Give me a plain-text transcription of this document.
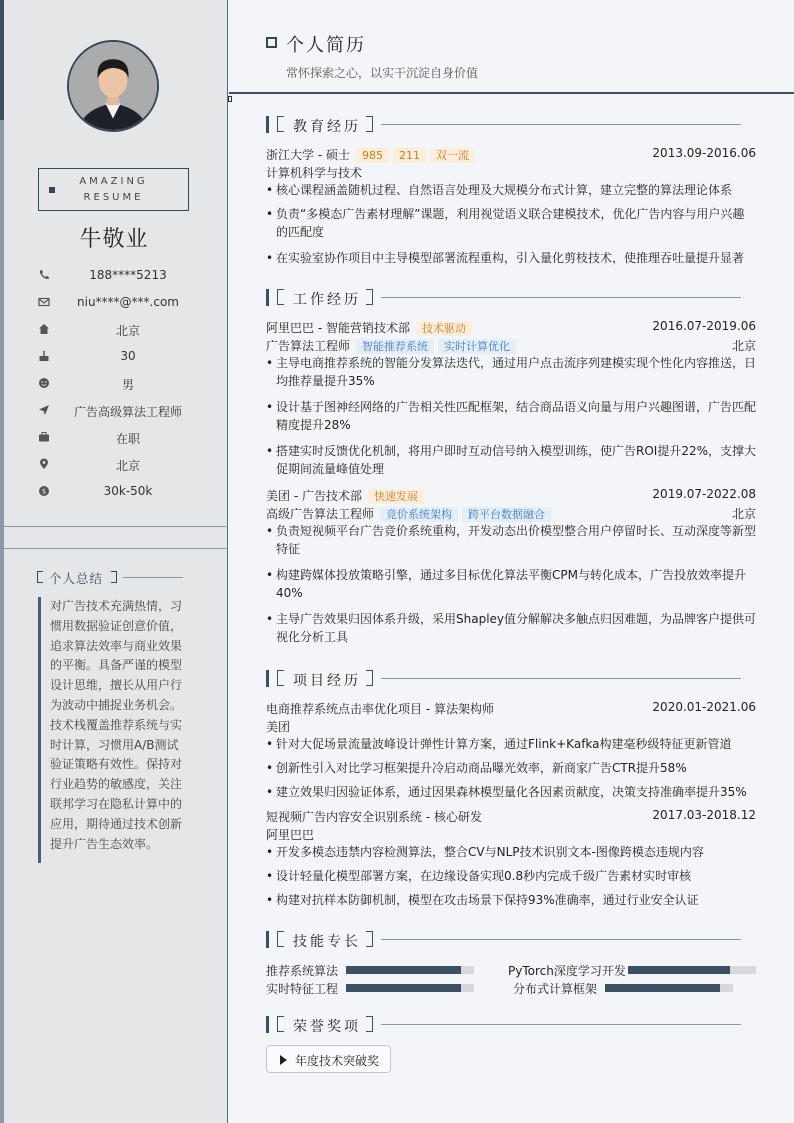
AMAZING
RESUME
牛敬业
188****5213
niu****@***.com
北京
30
男
广告高级算法工程师
在职
北京
$	30k-50k
个人总结
对广告技术充满热情，习惯用数据验证创意价值，追求算法效率与商业效果的平衡。具备严谨的模型设计思维，擅长从用户行为波动中捕捉业务机会。技术栈覆盖推荐系统与实时计算，习惯用A/B测试验证策略有效性。保持对行业趋势的敏感度，关注联邦学习在隐私计算中的应用，期待通过技术创新提升广告生态效率。
个人简历
常怀探索之心，以实干沉淀自身价值
教育经历
浙江大学 - 硕士 985 211 双一流	2013.09-2016.06
计算机科学与技术
• 核心课程涵盖随机过程、自然语言处理及大规模分布式计算，建立完整的算法理论体系
• 负责“多模态广告素材理解”课题，利用视觉语义联合建模技术，优化广告内容与用户兴趣的匹配度
• 在实验室协作项目中主导模型部署流程重构，引入量化剪枝技术，使推理吞吐量提升显著
工作经历
阿里巴巴 - 智能营销技术部 技术驱动	2016.07-2019.06
广告算法工程师 智能推荐系统 实时计算优化	北京
• 主导电商推荐系统的智能分发算法迭代，通过用户点击流序列建模实现个性化内容推送，日均推荐量提升35%
• 设计基于图神经网络的广告相关性匹配框架，结合商品语义向量与用户兴趣图谱，广告匹配精度提升28%
• 搭建实时反馈优化机制，将用户即时互动信号纳入模型训练，使广告ROI提升22%，支撑大促期间流量峰值处理
美团 - 广告技术部 快速发展	2019.07-2022.08
高级广告算法工程师 竞价系统架构 跨平台数据融合	北京
• 负责短视频平台广告竞价系统重构，开发动态出价模型整合用户停留时长、互动深度等新型特征
• 构建跨媒体投放策略引擎，通过多目标优化算法平衡CPM与转化成本，广告投放效率提升40%
• 主导广告效果归因体系升级，采用Shapley值分解解决多触点归因难题，为品牌客户提供可视化分析工具
项目经历
电商推荐系统点击率优化项目 - 算法架构师	2020.01-2021.06
美团
• 针对大促场景流量波峰设计弹性计算方案，通过Flink+Kafka构建毫秒级特征更新管道
• 创新性引入对比学习框架提升冷启动商品曝光效率，新商家广告CTR提升58%
• 建立效果归因验证体系，通过因果森林模型量化各因素贡献度，决策支持准确率提升35%
短视频广告内容安全识别系统 - 核心研发	2017.03-2018.12
阿里巴巴
• 开发多模态违禁内容检测算法，整合CV与NLP技术识别文本-图像跨模态违规内容
• 设计轻量化模型部署方案，在边缘设备实现0.8秒内完成千级广告素材实时审核
• 构建对抗样本防御机制，模型在攻击场景下保持93%准确率，通过行业安全认证
技能专长
推荐系统算法	PyTorch深度学习开发
实时特征工程	分布式计算框架
荣誉奖项
年度技术突破奖
